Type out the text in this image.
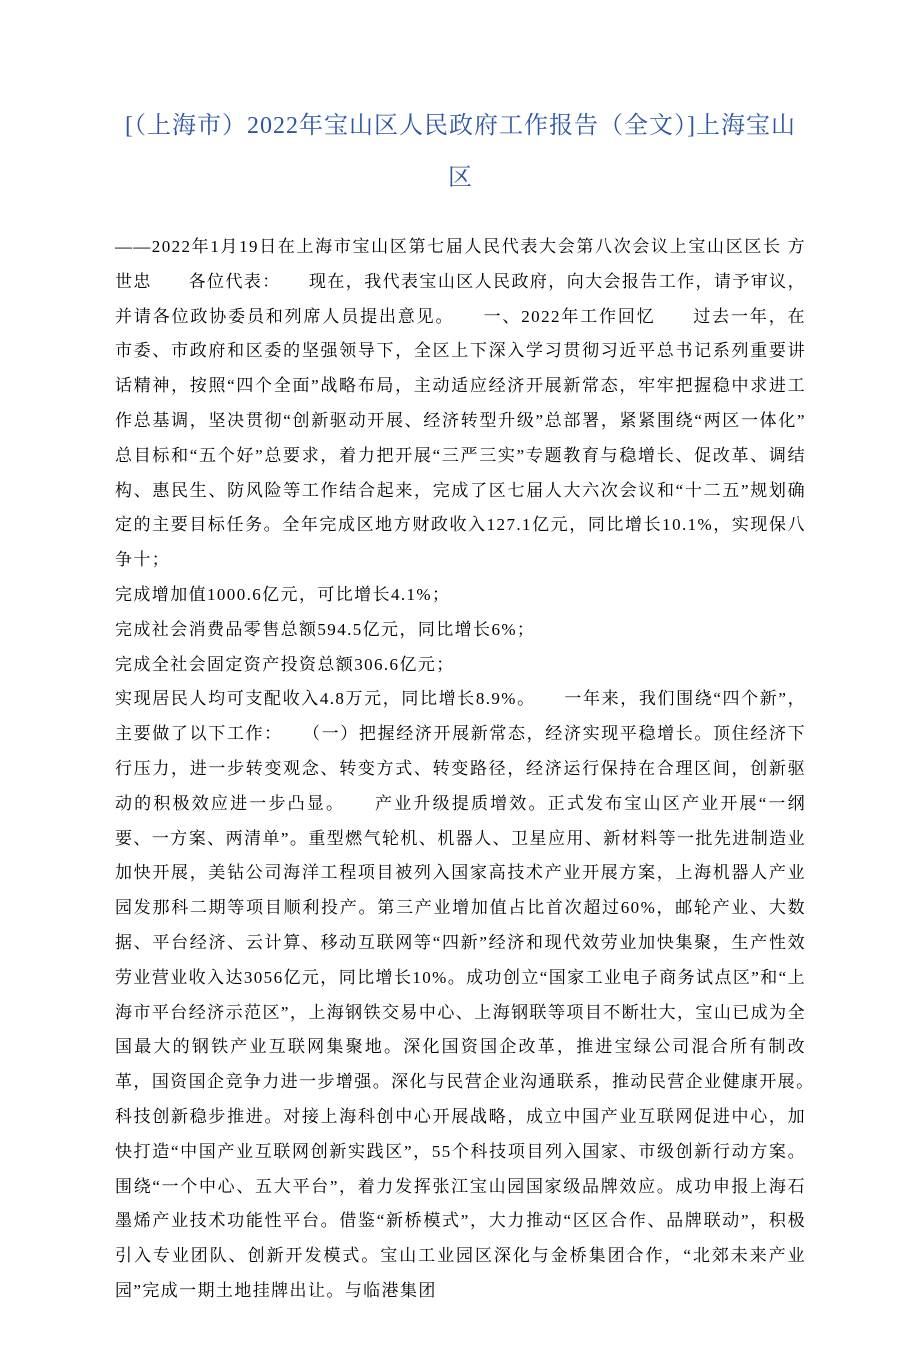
[（上海市）2022年宝山区人民政府工作报告（全文）]上海宝山区

——2022年1月19日在上海市宝山区第七届人民代表大会第八次会议上宝山区区长 方世忠　　各位代表：　　现在，我代表宝山区人民政府，向大会报告工作，请予审议，并请各位政协委员和列席人员提出意见。　　一、2022年工作回忆　　过去一年，在市委、市政府和区委的坚强领导下，全区上下深入学习贯彻习近平总书记系列重要讲话精神，按照“四个全面”战略布局，主动适应经济开展新常态，牢牢把握稳中求进工作总基调，坚决贯彻“创新驱动开展、经济转型升级”总部署，紧紧围绕“两区一体化”总目标和“五个好”总要求，着力把开展“三严三实”专题教育与稳增长、促改革、调结构、惠民生、防风险等工作结合起来，完成了区七届人大六次会议和“十二五”规划确定的主要目标任务。全年完成区地方财政收入127.1亿元，同比增长10.1%，实现保八争十；

完成增加值1000.6亿元，可比增长4.1%；

完成社会消费品零售总额594.5亿元，同比增长6%；

完成全社会固定资产投资总额306.6亿元；

实现居民人均可支配收入4.8万元，同比增长8.9%。　　一年来，我们围绕“四个新”，主要做了以下工作：　　（一）把握经济开展新常态，经济实现平稳增长。顶住经济下行压力，进一步转变观念、转变方式、转变路径，经济运行保持在合理区间，创新驱动的积极效应进一步凸显。　　产业升级提质增效。正式发布宝山区产业开展“一纲要、一方案、两清单”。重型燃气轮机、机器人、卫星应用、新材料等一批先进制造业加快开展，美钻公司海洋工程项目被列入国家高技术产业开展方案，上海机器人产业园发那科二期等项目顺利投产。第三产业增加值占比首次超过60%，邮轮产业、大数据、平台经济、云计算、移动互联网等“四新”经济和现代效劳业加快集聚，生产性效劳业营业收入达3056亿元，同比增长10%。成功创立“国家工业电子商务试点区”和“上海市平台经济示范区”，上海钢铁交易中心、上海钢联等项目不断壮大，宝山已成为全国最大的钢铁产业互联网集聚地。深化国资国企改革，推进宝绿公司混合所有制改革，国资国企竞争力进一步增强。深化与民营企业沟通联系，推动民营企业健康开展。　　科技创新稳步推进。对接上海科创中心开展战略，成立中国产业互联网促进中心，加快打造“中国产业互联网创新实践区”，55个科技项目列入国家、市级创新行动方案。围绕“一个中心、五大平台”，着力发挥张江宝山园国家级品牌效应。成功申报上海石墨烯产业技术功能性平台。借鉴“新桥模式”，大力推动“区区合作、品牌联动”，积极引入专业团队、创新开发模式。宝山工业园区深化与金桥集团合作，“北郊未来产业园”完成一期土地挂牌出让。与临港集团
